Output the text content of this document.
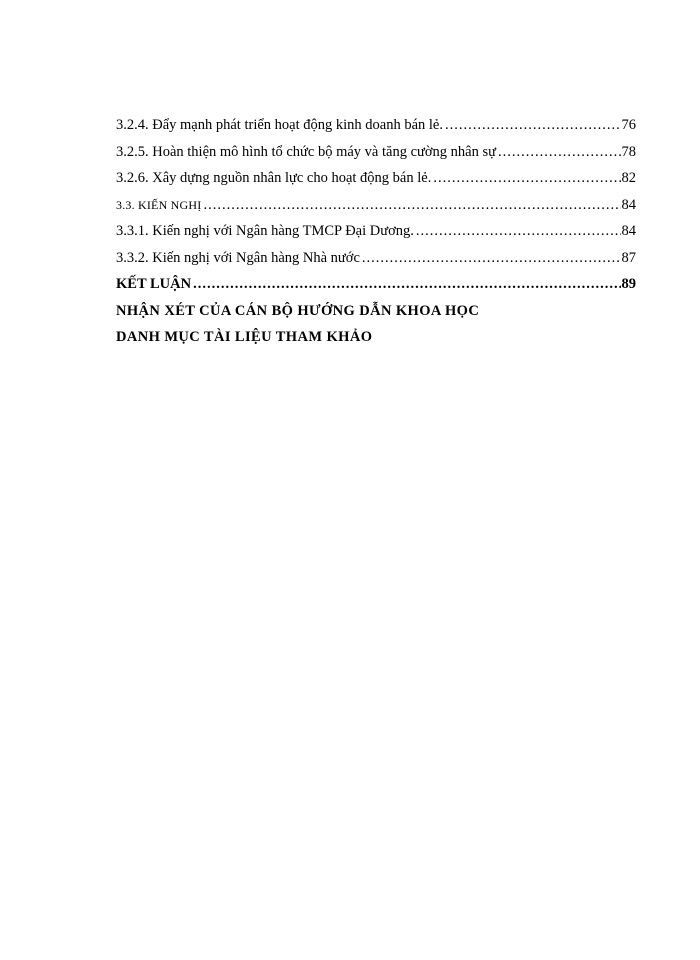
3.2.4. Đẩy mạnh phát triển hoạt động kinh doanh bán lẻ. .....	76
3.2.5. Hoàn thiện mô hình tổ chức bộ máy và tăng cường nhân sự .....	78
3.2.6. Xây dựng nguồn nhân lực cho hoạt động bán lẻ. .....	82
3.3. KIẾN NGHỊ .....	84
3.3.1. Kiến nghị với Ngân hàng TMCP Đại Dương. .....	84
3.3.2. Kiến nghị với Ngân hàng Nhà nước .....	87
KẾT LUẬN .....	89
NHẬN XÉT CỦA CÁN BỘ HƯỚNG DẪN KHOA HỌC
DANH MỤC TÀI LIỆU THAM KHẢO
